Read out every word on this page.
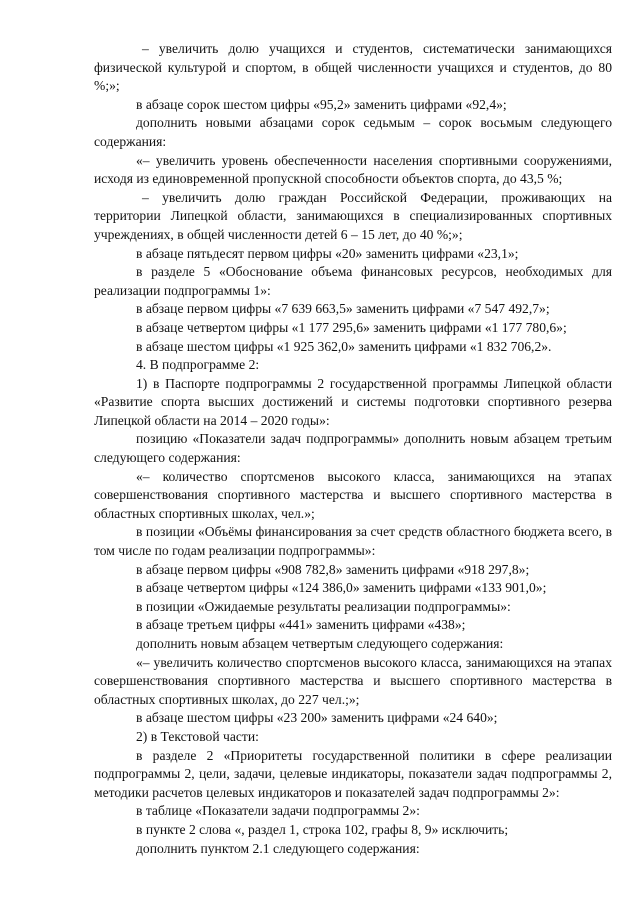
– увеличить долю учащихся и студентов, систематически занимающихся физической культурой и спортом, в общей численности учащихся и студентов, до 80 %;»;

в абзаце сорок шестом цифры «95,2» заменить цифрами «92,4»;

дополнить новыми абзацами сорок седьмым – сорок восьмым следующего содержания:

«– увеличить уровень обеспеченности населения спортивными сооружениями, исходя из единовременной пропускной способности объектов спорта, до 43,5 %;

– увеличить долю граждан Российской Федерации, проживающих на территории Липецкой области, занимающихся в специализированных спортивных учреждениях, в общей численности детей 6 – 15 лет, до 40 %;»;

в абзаце пятьдесят первом цифры «20» заменить цифрами «23,1»;

в разделе 5 «Обоснование объема финансовых ресурсов, необходимых для реализации подпрограммы 1»:

в абзаце первом цифры «7 639 663,5» заменить цифрами «7 547 492,7»;

в абзаце четвертом цифры «1 177 295,6» заменить цифрами «1 177 780,6»;

в абзаце шестом цифры «1 925 362,0» заменить цифрами «1 832 706,2».

4. В подпрограмме 2:

1) в Паспорте подпрограммы 2 государственной программы Липецкой области «Развитие спорта высших достижений и системы подготовки спортивного резерва Липецкой области на 2014 – 2020 годы»:

позицию «Показатели задач подпрограммы» дополнить новым абзацем третьим следующего содержания:

«– количество спортсменов высокого класса, занимающихся на этапах совершенствования спортивного мастерства и высшего спортивного мастерства в областных спортивных школах, чел.»;

в позиции «Объёмы финансирования за счет средств областного бюджета всего, в том числе по годам реализации подпрограммы»:

в абзаце первом цифры «908 782,8» заменить цифрами «918 297,8»;

в абзаце четвертом цифры «124 386,0» заменить цифрами «133 901,0»;

в позиции «Ожидаемые результаты реализации подпрограммы»:

в абзаце третьем цифры «441» заменить цифрами «438»;

дополнить новым абзацем четвертым следующего содержания:

«– увеличить количество спортсменов высокого класса, занимающихся на этапах совершенствования спортивного мастерства и высшего спортивного мастерства в областных спортивных школах, до 227 чел.;»;

в абзаце шестом цифры «23 200» заменить цифрами «24 640»;

2) в Текстовой части:

в разделе 2 «Приоритеты государственной политики в сфере реализации подпрограммы 2, цели, задачи, целевые индикаторы, показатели задач подпрограммы 2, методики расчетов целевых индикаторов и показателей задач подпрограммы 2»:

в таблице «Показатели задачи подпрограммы 2»:

в пункте 2 слова «, раздел 1, строка 102, графы 8, 9» исключить;

дополнить пунктом 2.1 следующего содержания:
